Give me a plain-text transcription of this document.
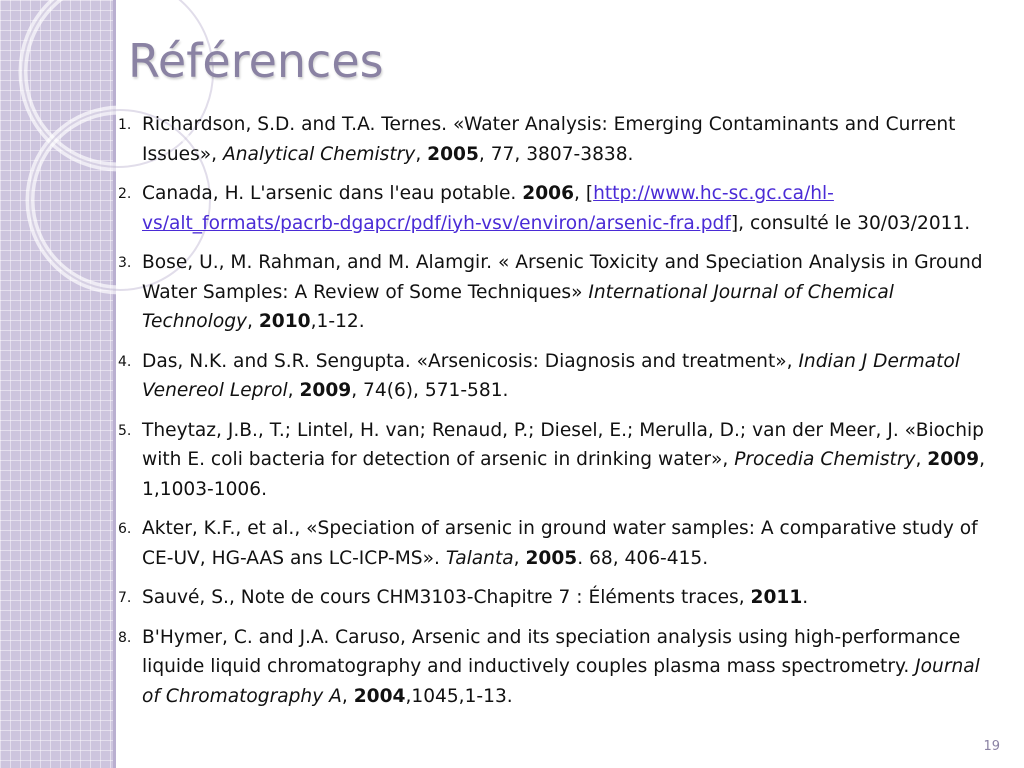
Références
1. Richardson, S.D. and T.A. Ternes. «Water Analysis: Emerging Contaminants and Current Issues», Analytical Chemistry, 2005, 77, 3807-3838.
2. Canada, H. L'arsenic dans l'eau potable. 2006, [http://www.hc-sc.gc.ca/hl-vs/alt_formats/pacrb-dgapcr/pdf/iyh-vsv/environ/arsenic-fra.pdf], consulté le 30/03/2011.
3. Bose, U., M. Rahman, and M. Alamgir. « Arsenic Toxicity and Speciation Analysis in Ground Water Samples: A Review of Some Techniques» International Journal of Chemical Technology, 2010,1-12.
4. Das, N.K. and S.R. Sengupta. «Arsenicosis: Diagnosis and treatment», Indian J Dermatol Venereol Leprol, 2009, 74(6), 571-581.
5. Theytaz, J.B., T.; Lintel, H. van; Renaud, P.; Diesel, E.; Merulla, D.; van der Meer, J. «Biochip with E. coli bacteria for detection of arsenic in drinking water», Procedia Chemistry, 2009, 1,1003-1006.
6. Akter, K.F., et al., «Speciation of arsenic in ground water samples: A comparative study of CE-UV, HG-AAS ans LC-ICP-MS». Talanta, 2005. 68, 406-415.
7. Sauvé, S., Note de cours CHM3103-Chapitre 7 : Éléments traces, 2011.
8. B'Hymer, C. and J.A. Caruso, Arsenic and its speciation analysis using high-performance liquide liquid chromatography and inductively couples plasma mass spectrometry. Journal of Chromatography A, 2004,1045,1-13.
19
